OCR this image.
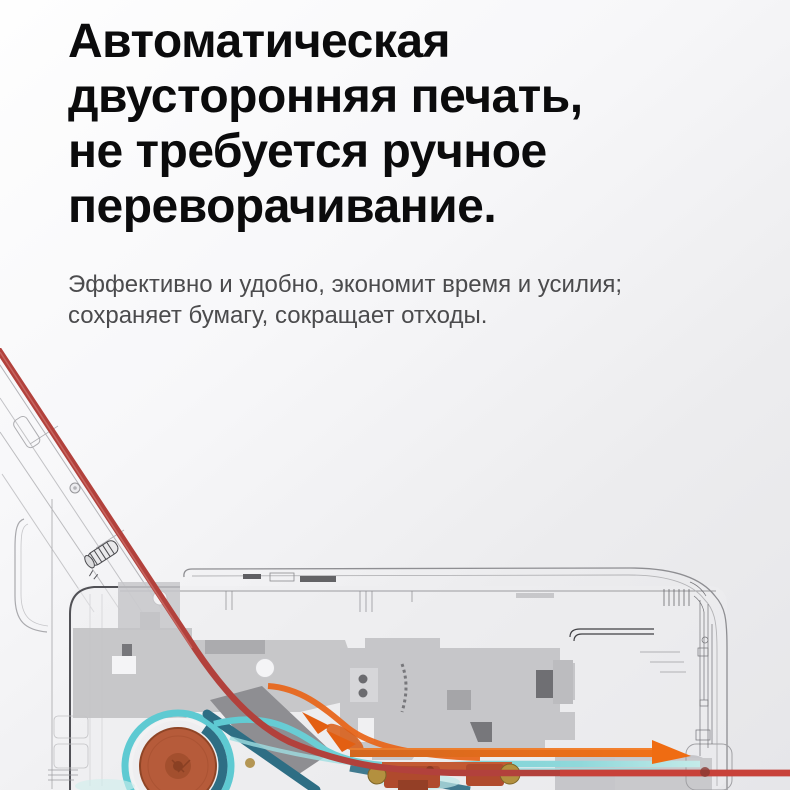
Автоматическая
двусторонняя печать,
не требуется ручное
переворачивание.
Эффективно и удобно, экономит время и усилия;
сохраняет бумагу, сокращает отходы.
